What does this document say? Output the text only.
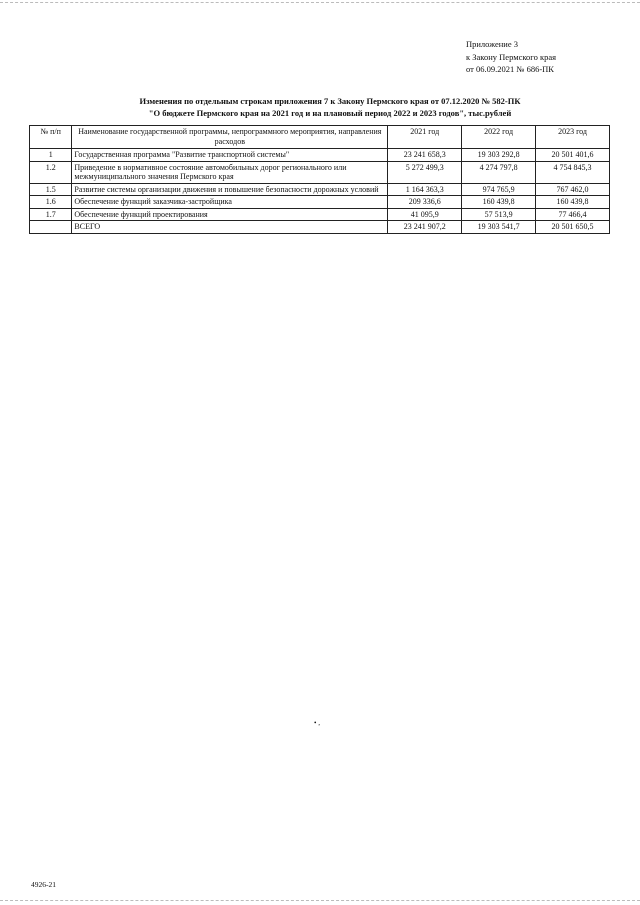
Приложение 3
к Закону Пермского края
от 06.09.2021 № 686-ПК
Изменения по отдельным строкам приложения 7 к Закону Пермского края от 07.12.2020 № 582-ПК
"О бюджете Пермского края на 2021 год и на плановый период 2022 и 2023 годов", тыс.рублей
№ п/п	Наименование государственной программы, непрограммного мероприятия, направления расходов	2021 год	2022 год	2023 год
1	Государственная программа "Развитие транспортной системы"	23 241 658,3	19 303 292,8	20 501 401,6
1.2	Приведение в нормативное состояние автомобильных дорог регионального или межмуниципального значения Пермского края	5 272 499,3	4 274 797,8	4 754 845,3
1.5	Развитие системы организации движения и повышение безопасности дорожных условий	1 164 363,3	974 765,9	767 462,0
1.6	Обеспечение функций заказчика-застройщика	209 336,6	160 439,8	160 439,8
1.7	Обеспечение функций проектирования	41 095,9	57 513,9	77 466,4
	ВСЕГО	23 241 907,2	19 303 541,7	20 501 650,5
• ,
4926-21
